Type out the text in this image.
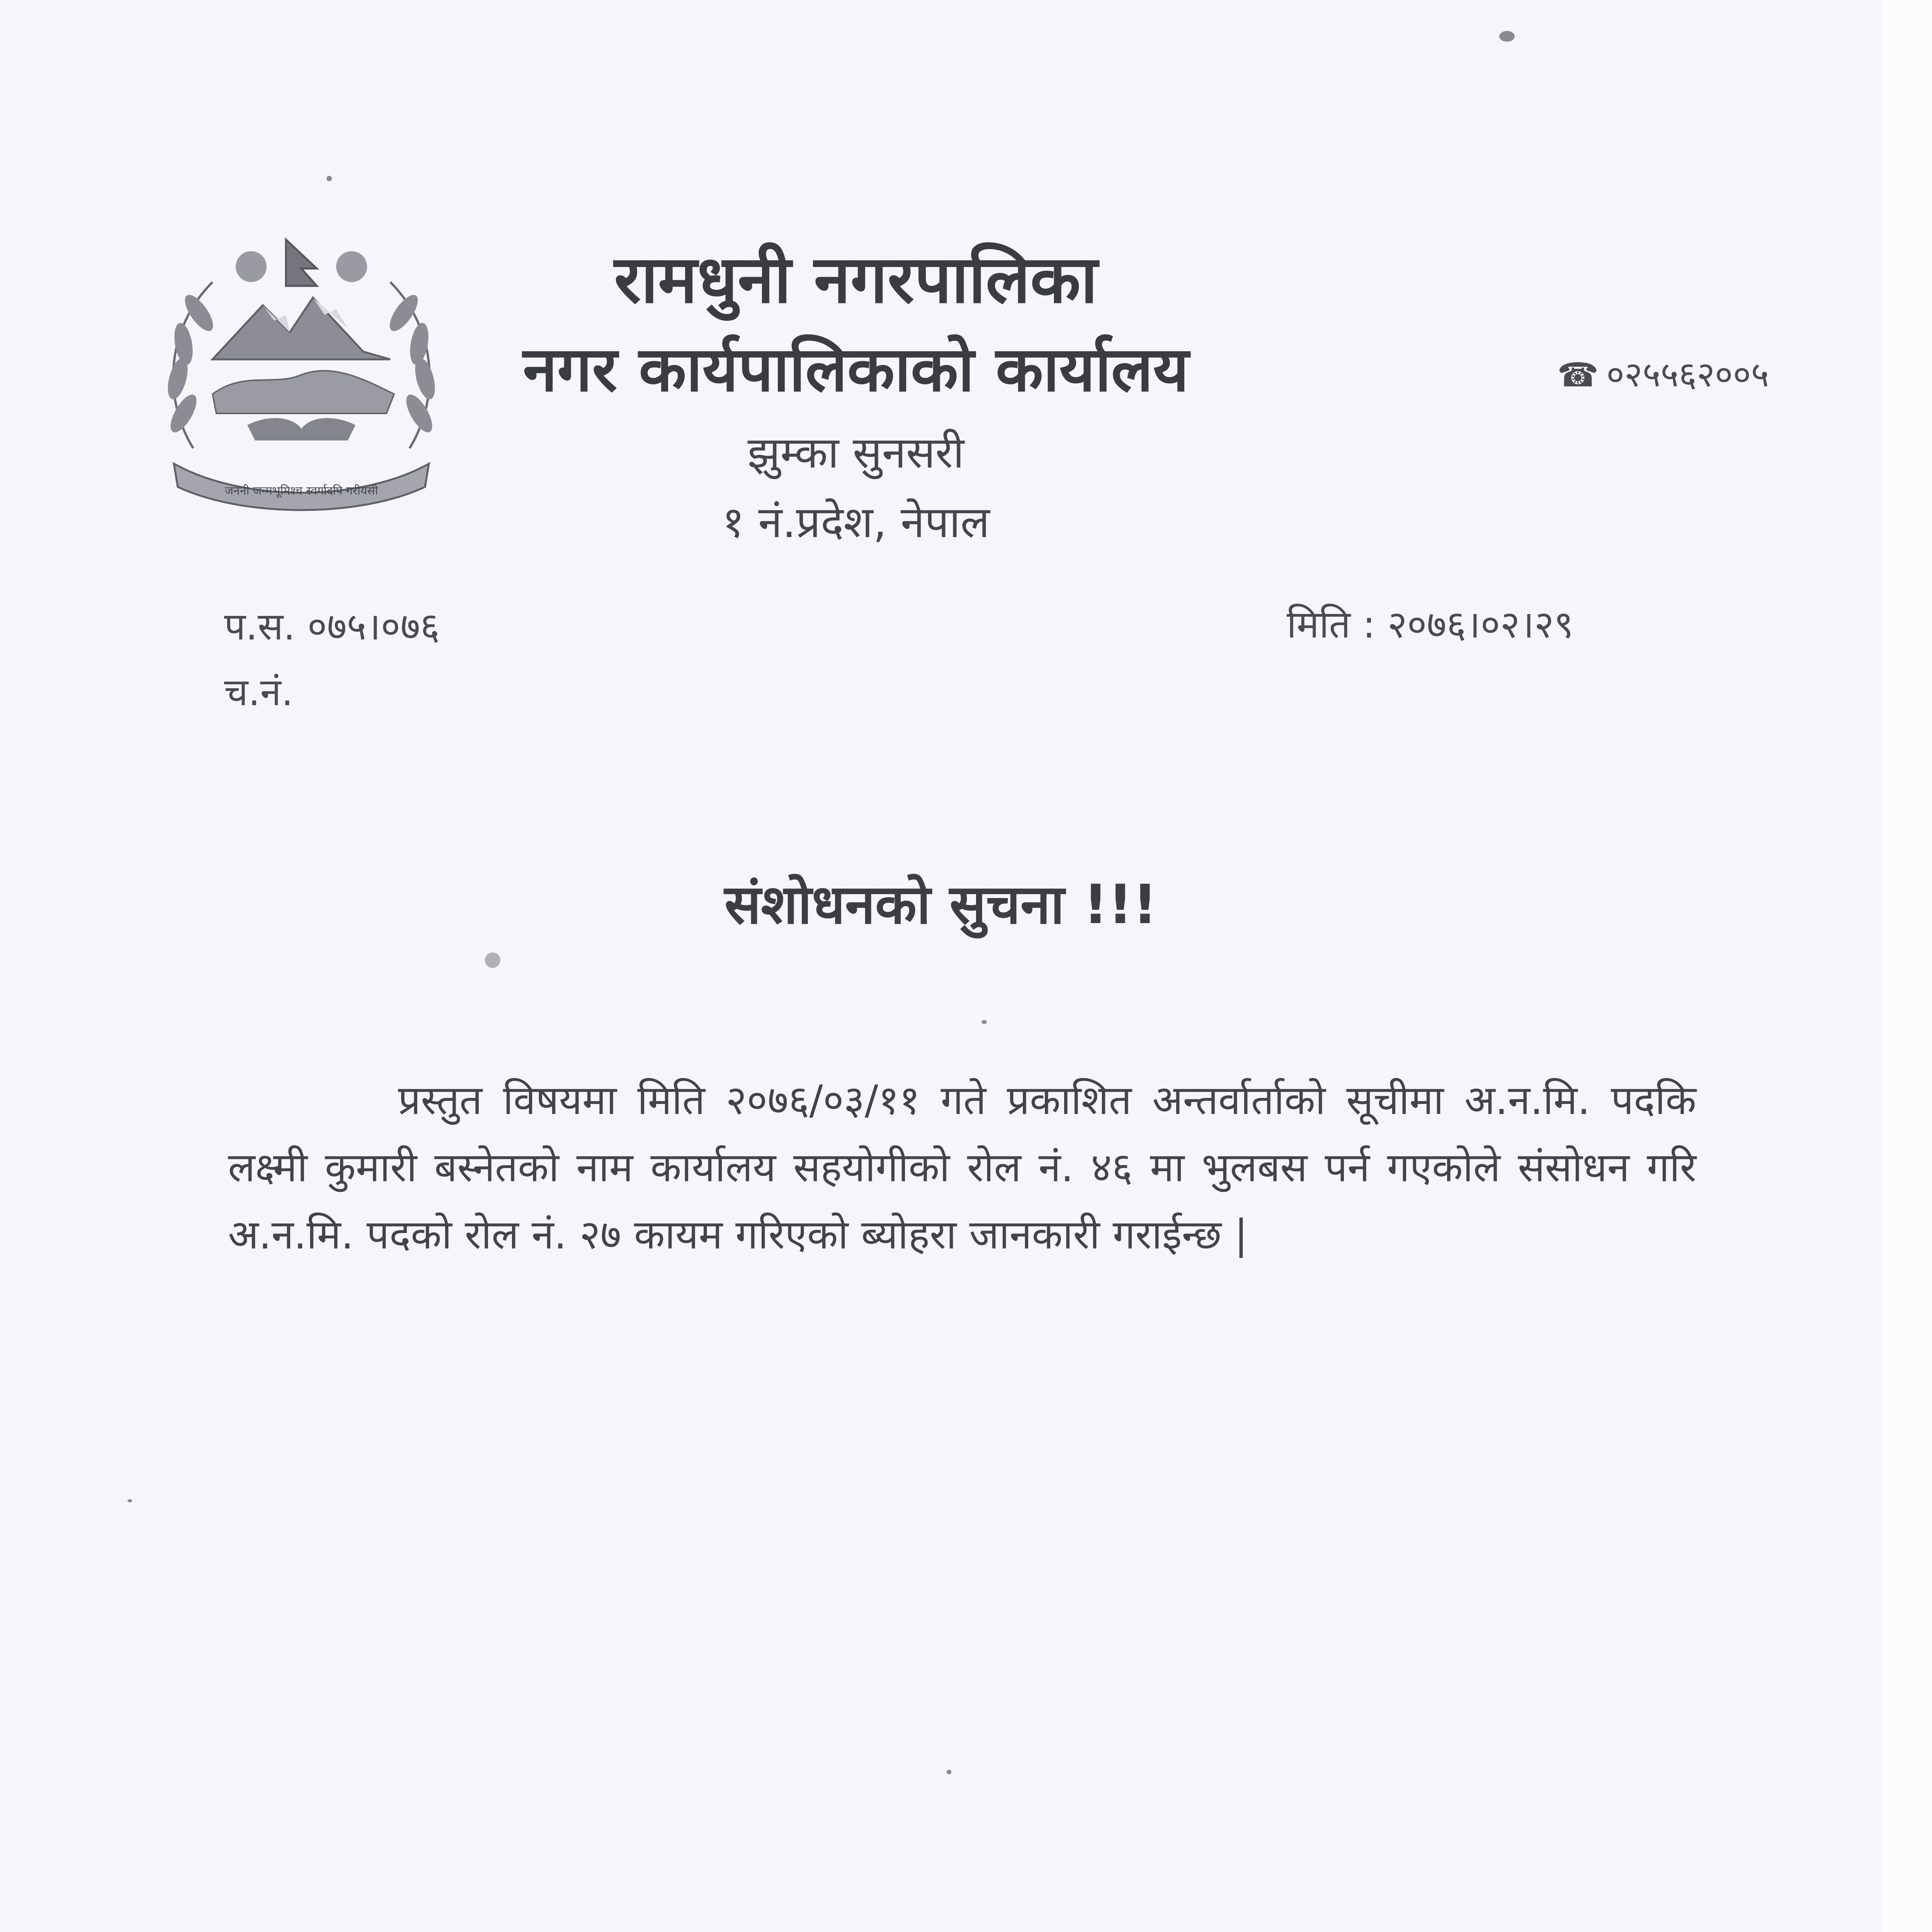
जननी जन्मभूमिश्च स्वर्गादपि गरीयसी
रामधुनी नगरपालिका
नगर कार्यपालिकाको कार्यालय
झुम्का सुनसरी
१ नं.प्रदेश, नेपाल
☎ ०२५५६२००५
प.स. ०७५।०७६
च.नं.
मिति : २०७६।०२।२९
संशोधनको सुचना !!!

प्रस्तुत विषयमा मिति २०७६/०३/११ गते प्रकाशित अन्तर्वार्ताको सूचीमा अ.न.मि. पदकि लक्ष्मी कुमारी बस्नेतको नाम कार्यालय सहयोगीको रोल नं. ४६ मा भुलबस पर्न गएकोले संसोधन गरि अ.न.मि. पदको रोल नं. २७ कायम गरिएको ब्योहरा जानकारी गराईन्छ |
